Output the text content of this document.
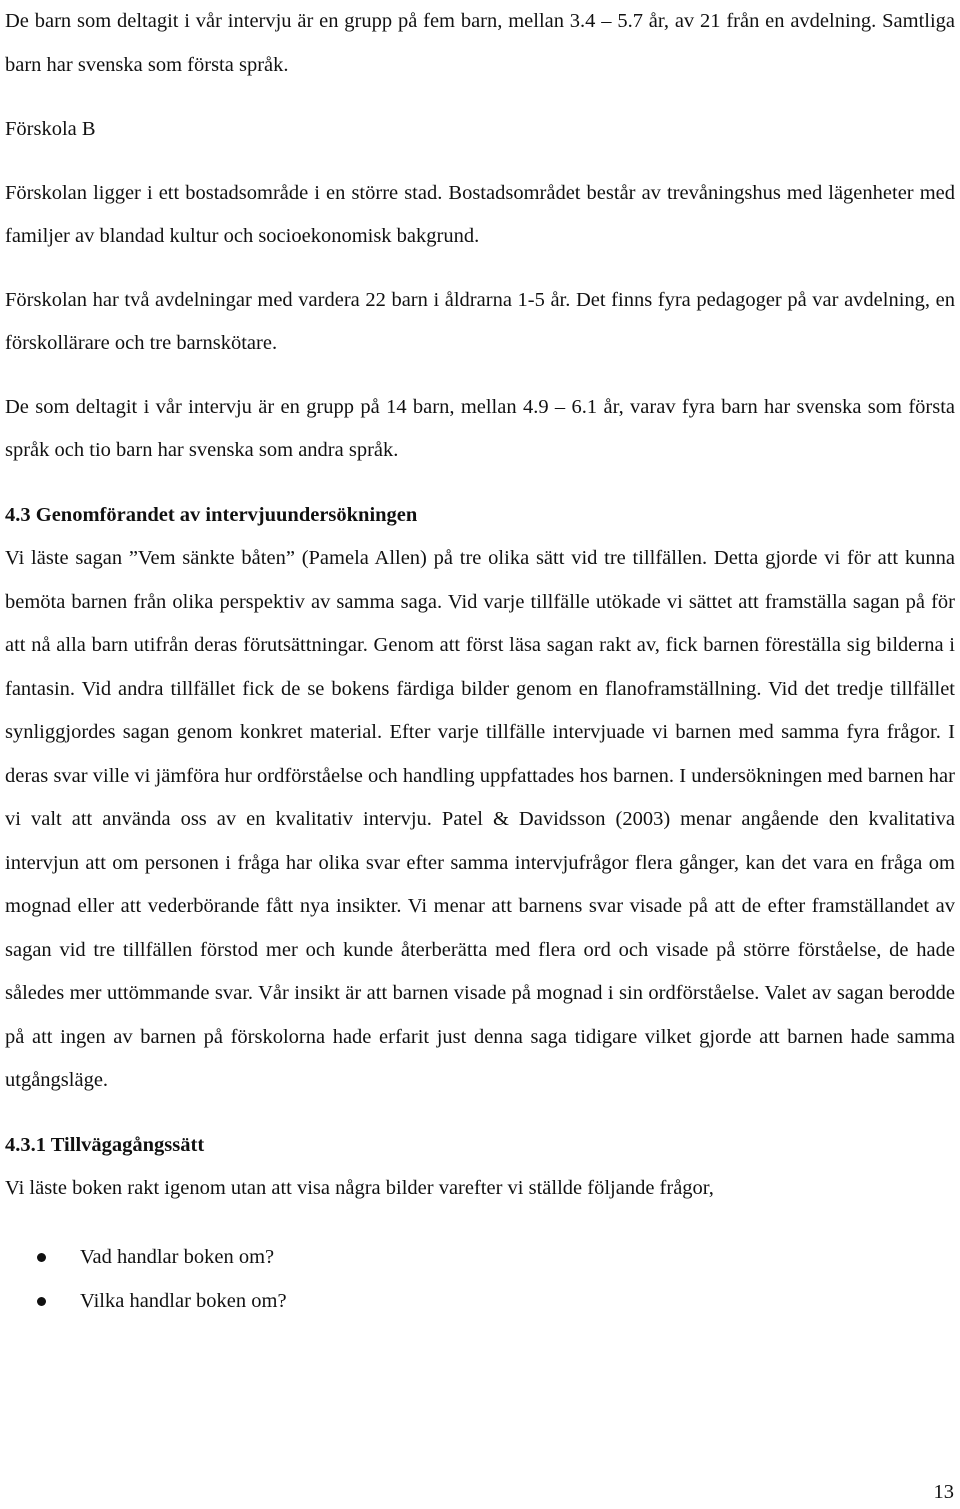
De barn som deltagit i vår intervju är en grupp på fem barn, mellan 3.4 – 5.7 år, av 21 från en avdelning. Samtliga barn har svenska som första språk.

Förskola B

Förskolan ligger i ett bostadsområde i en större stad. Bostadsområdet består av trevåningshus med lägenheter med familjer av blandad kultur och socioekonomisk bakgrund.

Förskolan har två avdelningar med vardera 22 barn i åldrarna 1-5 år. Det finns fyra pedagoger på var avdelning, en förskollärare och tre barnskötare.

De som deltagit i vår intervju är en grupp på 14 barn, mellan 4.9 – 6.1 år, varav fyra barn har svenska som första språk och tio barn har svenska som andra språk.

4.3 Genomförandet av intervjuundersökningen

Vi läste sagan ”Vem sänkte båten” (Pamela Allen) på tre olika sätt vid tre tillfällen. Detta gjorde vi för att kunna bemöta barnen från olika perspektiv av samma saga. Vid varje tillfälle utökade vi sättet att framställa sagan på för att nå alla barn utifrån deras förutsättningar. Genom att först läsa sagan rakt av, fick barnen föreställa sig bilderna i fantasin. Vid andra tillfället fick de se bokens färdiga bilder genom en flanoframställning. Vid det tredje tillfället synliggjordes sagan genom konkret material. Efter varje tillfälle intervjuade vi barnen med samma fyra frågor. I deras svar ville vi jämföra hur ordförståelse och handling uppfattades hos barnen. I undersökningen med barnen har vi valt att använda oss av en kvalitativ intervju. Patel & Davidsson (2003) menar angående den kvalitativa intervjun att om personen i fråga har olika svar efter samma intervjufrågor flera gånger, kan det vara en fråga om mognad eller att vederbörande fått nya insikter. Vi menar att barnens svar visade på att de efter framställandet av sagan vid tre tillfällen förstod mer och kunde återberätta med flera ord och visade på större förståelse, de hade således mer uttömmande svar. Vår insikt är att barnen visade på mognad i sin ordförståelse. Valet av sagan berodde på att ingen av barnen på förskolorna hade erfarit just denna saga tidigare vilket gjorde att barnen hade samma utgångsläge.

4.3.1 Tillvägagångssätt

Vi läste boken rakt igenom utan att visa några bilder varefter vi ställde följande frågor,

Vad handlar boken om?
Vilka handlar boken om?
13
